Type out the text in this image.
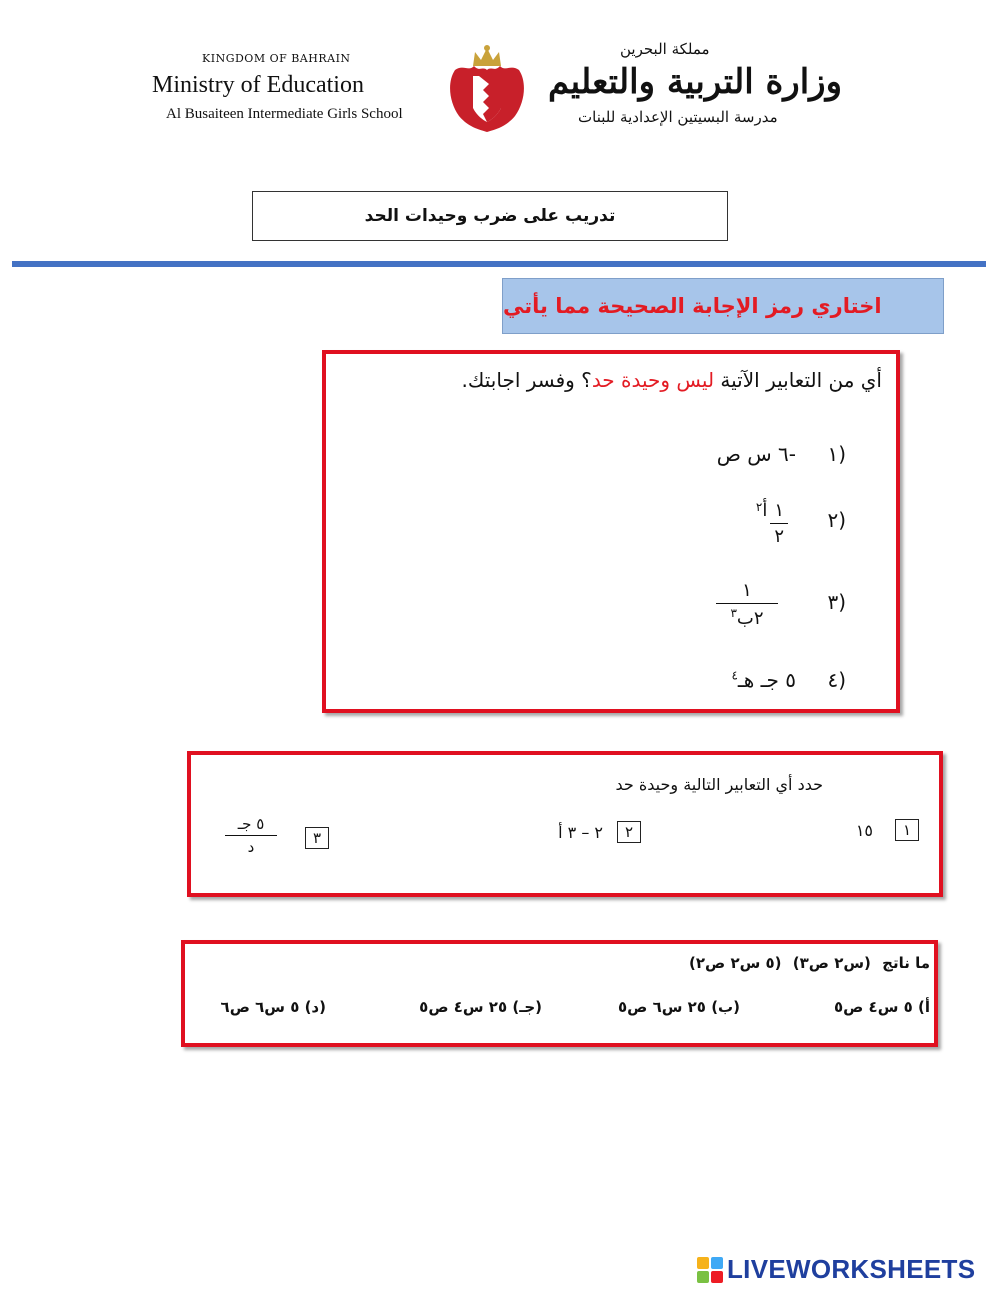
KINGDOM OF BAHRAIN
Ministry of Education
Al Busaiteen Intermediate Girls School
مملكة البحرين
وزارة التربية والتعليم
مدرسة البسيتين الإعدادية للبنات
تدريب على ضرب وحيدات الحد
اختاري رمز الإجابة الصحيحة مما يأتي
أي من التعابير الآتية ليس وحيدة حد؟ وفسر اجابتك.
١)
-٦ س ص
٢)
١
٢
أ
٢
٣)
١
٢ب$^٣$
٤)
٥ جـ هـ$^٤$
حدد أي التعابير التالية وحيدة حد
١
١٥
٢
٢ – ٣ أ
٣
٥ جـ
د
ما ناتج (س٢ ص٣) (٥ س٢ ص٢)
أ) ٥ س٤ ص٥
(ب) ٢٥ س٦ ص٥
(جـ) ٢٥ س٤ ص٥
(د) ٥ س٦ ص٦
LIVEWORKSHEETS
